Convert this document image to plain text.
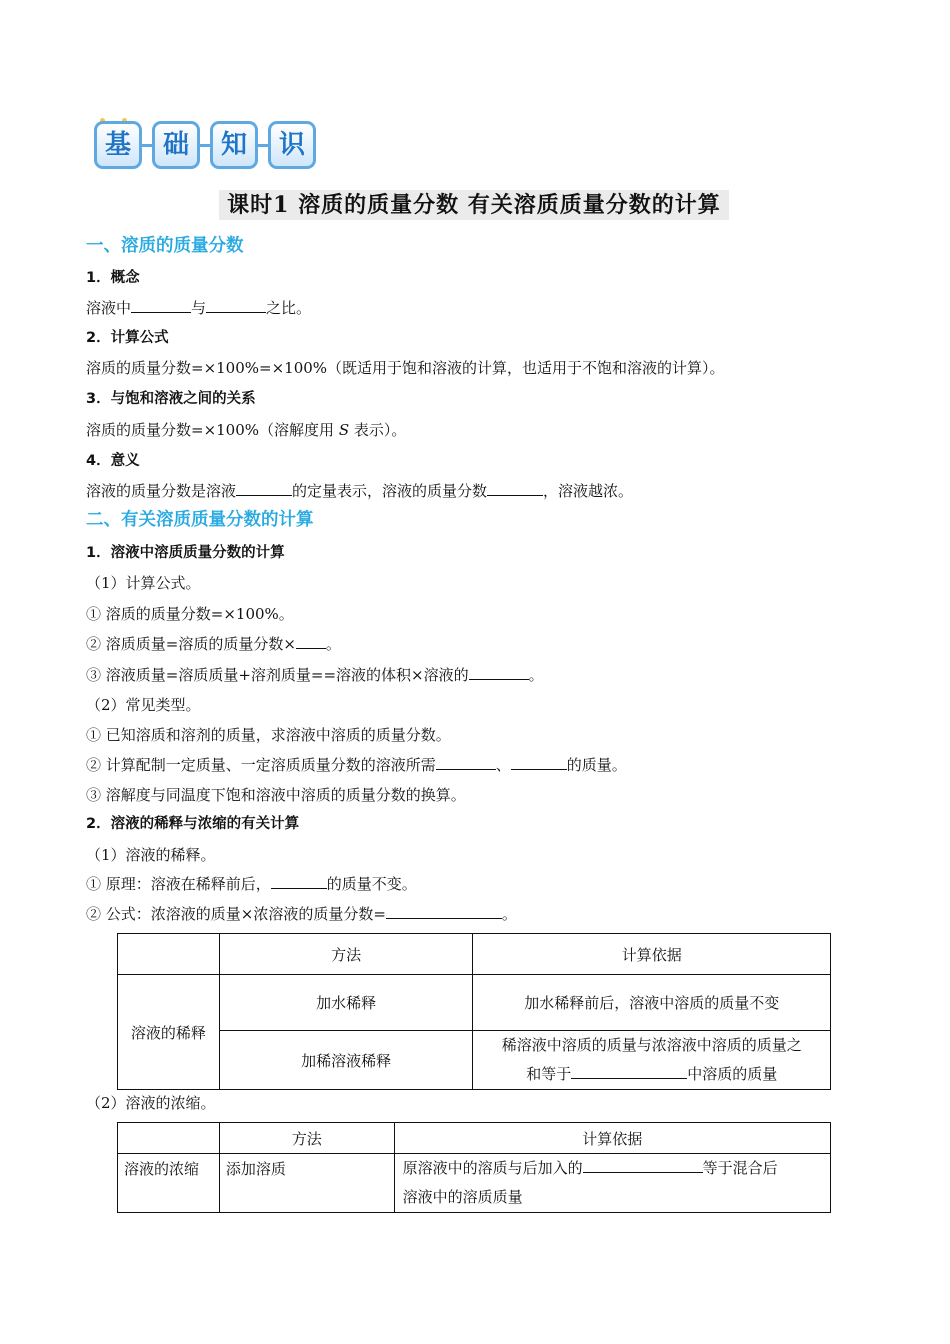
基	础	知	识
课时1 溶质的质量分数 有关溶质质量分数的计算
一、溶质的质量分数
1．概念
溶液中	与	之比。
2．计算公式
溶质的质量分数=×100%=×100%（既适用于饱和溶液的计算，也适用于不饱和溶液的计算）。
3．与饱和溶液之间的关系
溶质的质量分数=×100%（溶解度用 S 表示）。
4．意义
溶液的质量分数是溶液	的定量表示，溶液的质量分数	，溶液越浓。
二、有关溶质质量分数的计算
1．溶液中溶质质量分数的计算
（1）计算公式。
① 溶质的质量分数=×100%。
② 溶质质量=溶质的质量分数× 。
③ 溶液质量=溶质质量+溶剂质量==溶液的体积×溶液的	。
（2）常见类型。
① 已知溶质和溶剂的质量，求溶液中溶质的质量分数。
② 计算配制一定质量、一定溶质质量分数的溶液所需	、	的质量。
③ 溶解度与同温度下饱和溶液中溶质的质量分数的换算。
2．溶液的稀释与浓缩的有关计算
（1）溶液的稀释。
① 原理：溶液在稀释前后，	的质量不变。
② 公式：浓溶液的质量×浓溶液的质量分数=	。
	方法	计算依据
溶液的稀释	加水稀释	加水稀释前后，溶液中溶质的质量不变
	加稀溶液稀释	稀溶液中溶质的质量与浓溶液中溶质的质量之
和等于 中溶质的质量
（2）溶液的浓缩。
	方法	计算依据
溶液的浓缩	添加溶质	原溶液中的溶质与后加入的 等于混合后
溶液中的溶质质量
